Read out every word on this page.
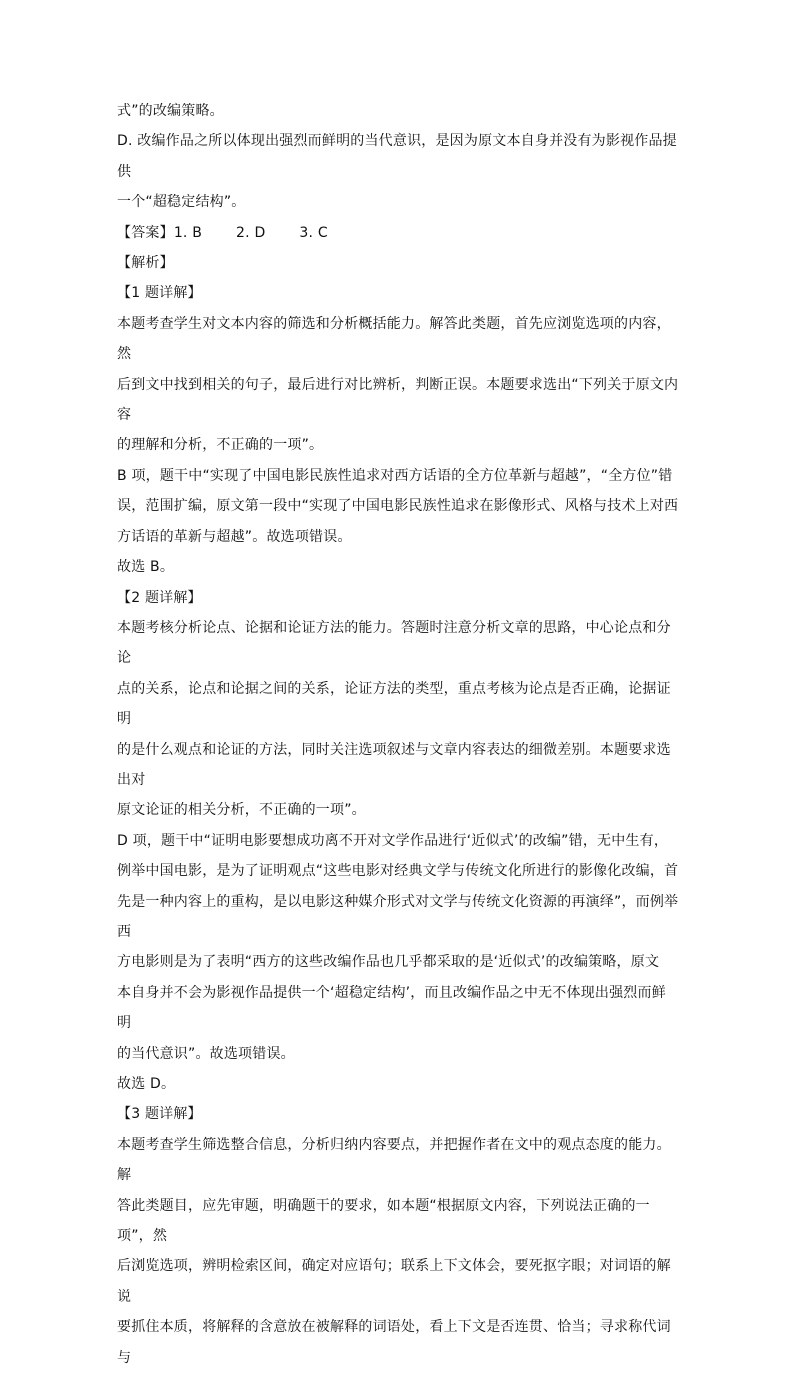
式”的改编策略。

D. 改编作品之所以体现出强烈而鲜明的当代意识，是因为原文本自身并没有为影视作品提供

一个“超稳定结构”。

【答案】1. B 2. D 3. C

【解析】

【1 题详解】

本题考查学生对文本内容的筛选和分析概括能力。解答此类题，首先应浏览选项的内容，然

后到文中找到相关的句子，最后进行对比辨析，判断正误。本题要求选出“下列关于原文内容

的理解和分析，不正确的一项”。

B 项，题干中“实现了中国电影民族性追求对西方话语的全方位革新与超越”，“全方位”错

误，范围扩编，原文第一段中“实现了中国电影民族性追求在影像形式、风格与技术上对西

方话语的革新与超越”。故选项错误。

故选 B。

【2 题详解】

本题考核分析论点、论据和论证方法的能力。答题时注意分析文章的思路，中心论点和分论

点的关系，论点和论据之间的关系，论证方法的类型，重点考核为论点是否正确，论据证明

的是什么观点和论证的方法，同时关注选项叙述与文章内容表达的细微差别。本题要求选出对

原文论证的相关分析，不正确的一项”。

D 项，题干中“证明电影要想成功离不开对文学作品进行‘近似式’的改编”错，无中生有，

例举中国电影，是为了证明观点“这些电影对经典文学与传统文化所进行的影像化改编，首

先是一种内容上的重构，是以电影这种媒介形式对文学与传统文化资源的再演绎”，而例举西

方电影则是为了表明“西方的这些改编作品也几乎都采取的是‘近似式’的改编策略，原文

本自身并不会为影视作品提供一个‘超稳定结构’，而且改编作品之中无不体现出强烈而鲜明

的当代意识”。故选项错误。

故选 D。

【3 题详解】

本题考查学生筛选整合信息，分析归纳内容要点，并把握作者在文中的观点态度的能力。解

答此类题目，应先审题，明确题干的要求，如本题“根据原文内容，下列说法正确的一项”，然

后浏览选项，辨明检索区间，确定对应语句；联系上下文体会，要死抠字眼；对词语的解说

要抓住本质，将解释的含意放在被解释的词语处，看上下文是否连贯、恰当；寻求称代词与
